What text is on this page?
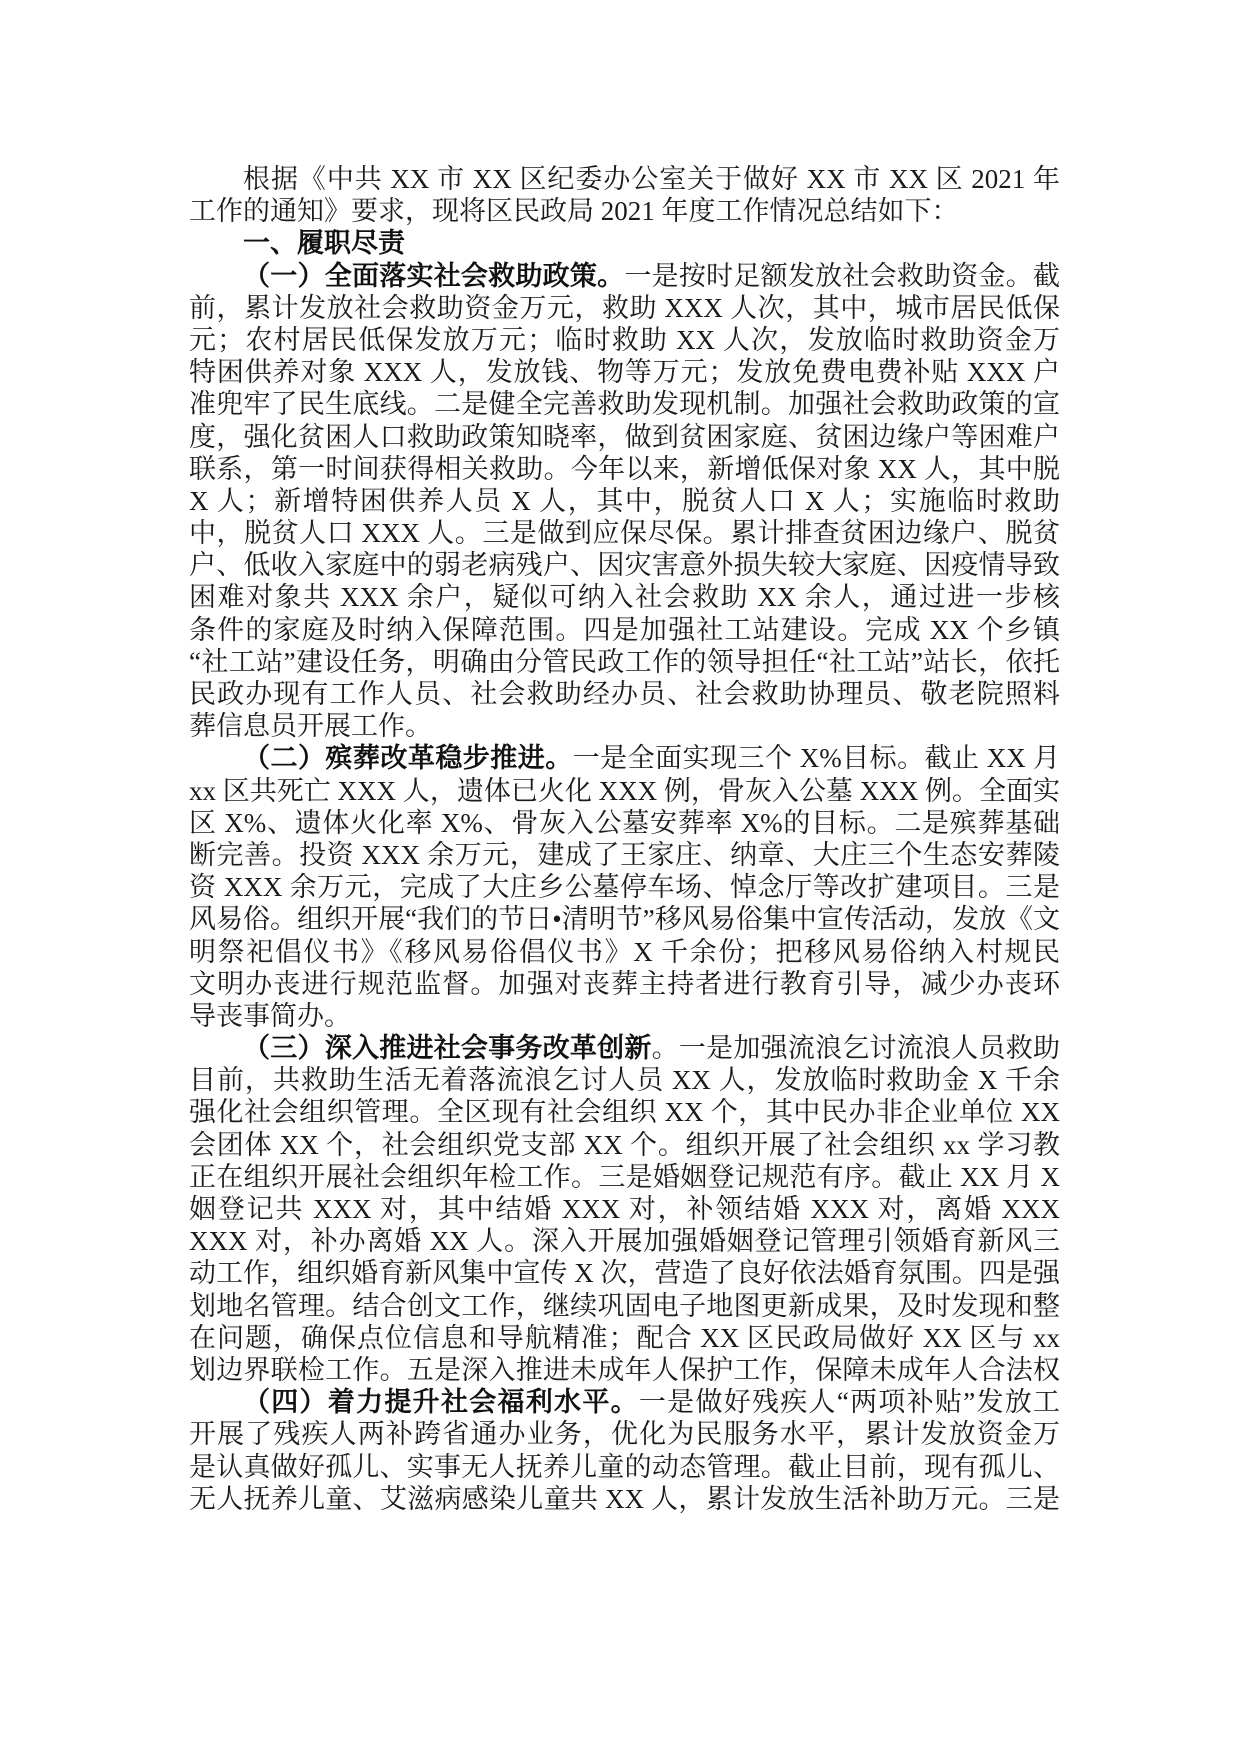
根据《中共 XX 市 XX 区纪委办公室关于做好 XX 市 XX 区 2021 年
工作的通知》要求，现将区民政局 2021 年度工作情况总结如下：
一、履职尽责
（一）全面落实社会救助政策。一是按时足额发放社会救助资金。截
前，累计发放社会救助资金万元，救助 XXX 人次，其中，城市居民低保
元；农村居民低保发放万元；临时救助 XX 人次，发放临时救助资金万
特困供养对象 XXX 人，发放钱、物等万元；发放免费电费补贴 XXX 户
准兜牢了民生底线。二是健全完善救助发现机制。加强社会救助政策的宣
度，强化贫困人口救助政策知晓率，做到贫困家庭、贫困边缘户等困难户
联系，第一时间获得相关救助。今年以来，新增低保对象 XX 人，其中脱
X 人；新增特困供养人员 X 人，其中，脱贫人口 X 人；实施临时救助
中，脱贫人口 XXX 人。三是做到应保尽保。累计排查贫困边缘户、脱贫
户、低收入家庭中的弱老病残户、因灾害意外损失较大家庭、因疫情导致
困难对象共 XXX 余户，疑似可纳入社会救助 XX 余人，通过进一步核
条件的家庭及时纳入保障范围。四是加强社工站建设。完成 XX 个乡镇
“社工站”建设任务，明确由分管民政工作的领导担任“社工站”站长，依托
民政办现有工作人员、社会救助经办员、社会救助协理员、敬老院照料
葬信息员开展工作。
（二）殡葬改革稳步推进。一是全面实现三个 X%目标。截止 XX 月
xx 区共死亡 XXX 人，遗体已火化 XXX 例，骨灰入公墓 XXX 例。全面实
区 X%、遗体火化率 X%、骨灰入公墓安葬率 X%的目标。二是殡葬基础
断完善。投资 XXX 余万元，建成了王家庄、纳章、大庄三个生态安葬陵
资 XXX 余万元，完成了大庄乡公墓停车场、悼念厅等改扩建项目。三是
风易俗。组织开展“我们的节日•清明节”移风易俗集中宣传活动，发放《文
明祭祀倡仪书》《移风易俗倡仪书》X 千余份；把移风易俗纳入村规民
文明办丧进行规范监督。加强对丧葬主持者进行教育引导，减少办丧环
导丧事简办。
（三）深入推进社会事务改革创新。一是加强流浪乞讨流浪人员救助
目前，共救助生活无着落流浪乞讨人员 XX 人，发放临时救助金 X 千余
强化社会组织管理。全区现有社会组织 XX 个，其中民办非企业单位 XX
会团体 XX 个，社会组织党支部 XX 个。组织开展了社会组织 xx 学习教
正在组织开展社会组织年检工作。三是婚姻登记规范有序。截止 XX 月 X
姻登记共 XXX 对，其中结婚 XXX 对，补领结婚 XXX 对，离婚 XXX
XXX 对，补办离婚 XX 人。深入开展加强婚姻登记管理引领婚育新风三
动工作，组织婚育新风集中宣传 X 次，营造了良好依法婚育氛围。四是强
划地名管理。结合创文工作，继续巩固电子地图更新成果，及时发现和整
在问题，确保点位信息和导航精准；配合 XX 区民政局做好 XX 区与 xx
划边界联检工作。五是深入推进未成年人保护工作，保障未成年人合法权
（四）着力提升社会福利水平。一是做好残疾人“两项补贴”发放工
开展了残疾人两补跨省通办业务，优化为民服务水平，累计发放资金万
是认真做好孤儿、实事无人抚养儿童的动态管理。截止目前，现有孤儿、
无人抚养儿童、艾滋病感染儿童共 XX 人，累计发放生活补助万元。三是
